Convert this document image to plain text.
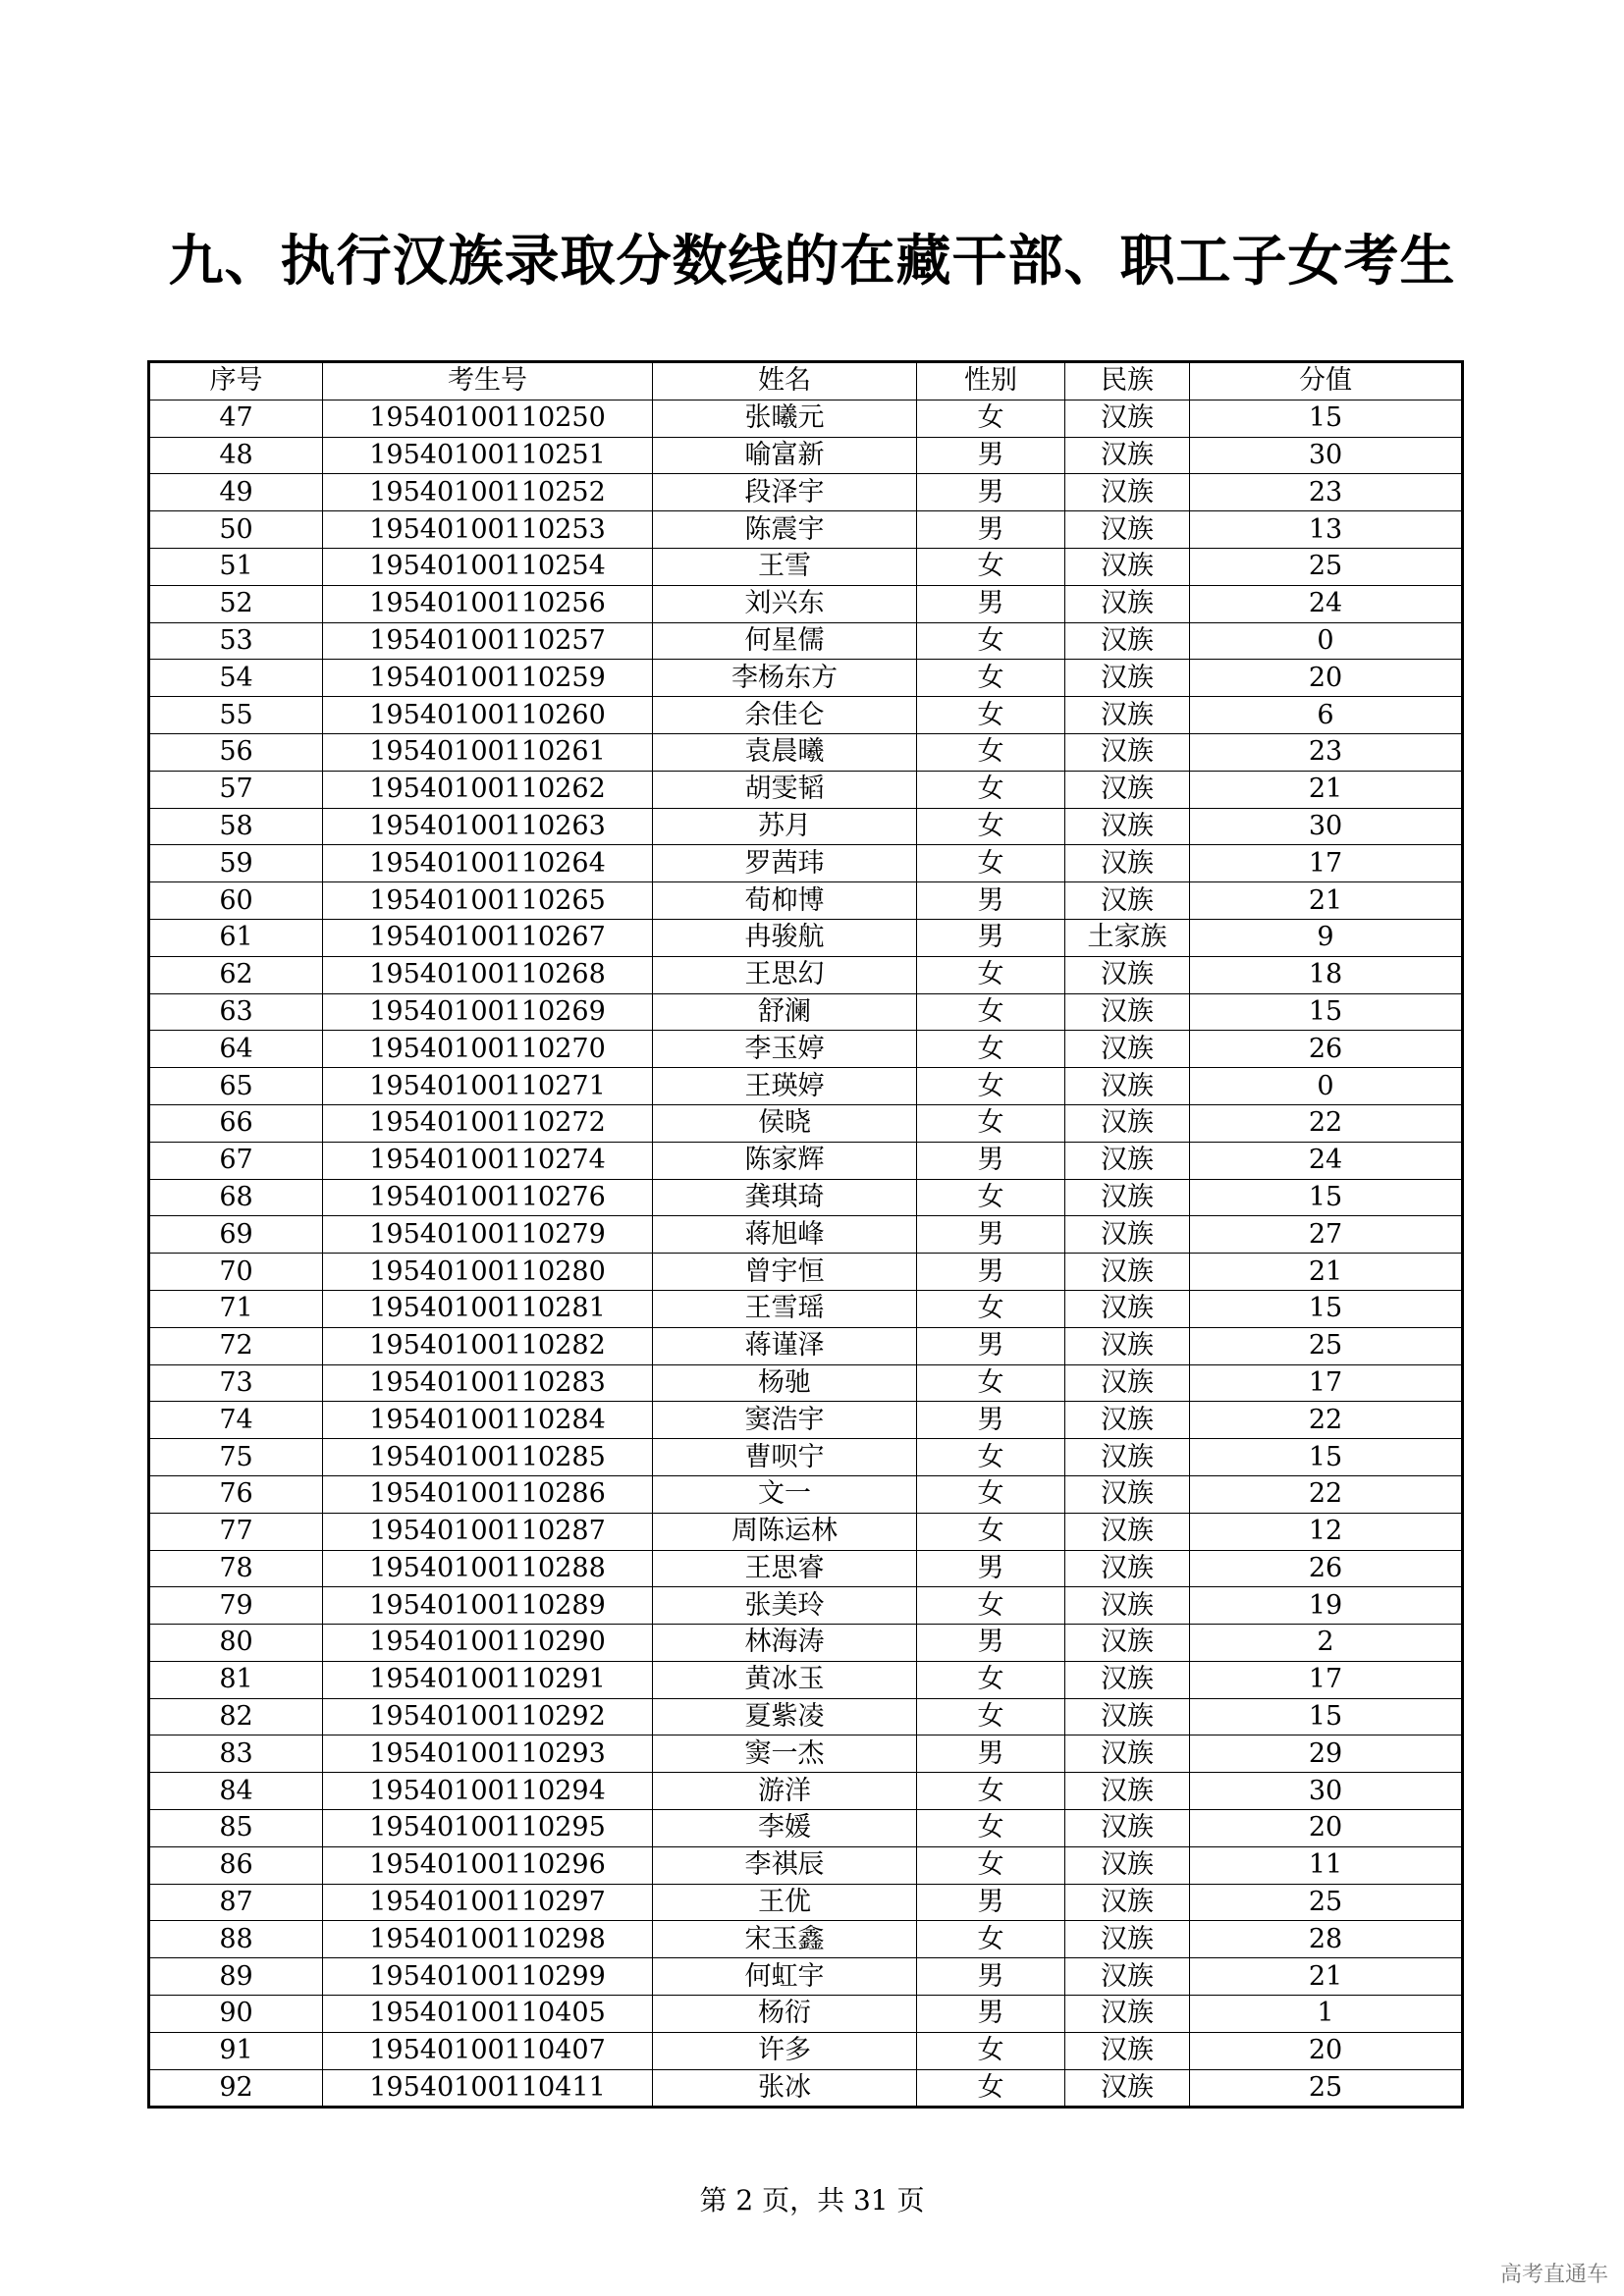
九、执行汉族录取分数线的在藏干部、职工子女考生
序号	考生号	姓名	性别	民族	分值
47	19540100110250	张曦元	女	汉族	15
48	19540100110251	喻富新	男	汉族	30
49	19540100110252	段泽宇	男	汉族	23
50	19540100110253	陈震宇	男	汉族	13
51	19540100110254	王雪	女	汉族	25
52	19540100110256	刘兴东	男	汉族	24
53	19540100110257	何星儒	女	汉族	0
54	19540100110259	李杨东方	女	汉族	20
55	19540100110260	余佳仑	女	汉族	6
56	19540100110261	袁晨曦	女	汉族	23
57	19540100110262	胡雯韬	女	汉族	21
58	19540100110263	苏月	女	汉族	30
59	19540100110264	罗茜玮	女	汉族	17
60	19540100110265	荀枊博	男	汉族	21
61	19540100110267	冉骏航	男	土家族	9
62	19540100110268	王思幻	女	汉族	18
63	19540100110269	舒澜	女	汉族	15
64	19540100110270	李玉婷	女	汉族	26
65	19540100110271	王瑛婷	女	汉族	0
66	19540100110272	侯晓	女	汉族	22
67	19540100110274	陈家辉	男	汉族	24
68	19540100110276	龚琪琦	女	汉族	15
69	19540100110279	蒋旭峰	男	汉族	27
70	19540100110280	曾宇恒	男	汉族	21
71	19540100110281	王雪瑶	女	汉族	15
72	19540100110282	蒋谨泽	男	汉族	25
73	19540100110283	杨驰	女	汉族	17
74	19540100110284	窦浩宇	男	汉族	22
75	19540100110285	曹呗宁	女	汉族	15
76	19540100110286	文一	女	汉族	22
77	19540100110287	周陈运林	女	汉族	12
78	19540100110288	王思睿	男	汉族	26
79	19540100110289	张美玲	女	汉族	19
80	19540100110290	林海涛	男	汉族	2
81	19540100110291	黄冰玉	女	汉族	17
82	19540100110292	夏紫凌	女	汉族	15
83	19540100110293	窦一杰	男	汉族	29
84	19540100110294	游洋	女	汉族	30
85	19540100110295	李媛	女	汉族	20
86	19540100110296	李祺辰	女	汉族	11
87	19540100110297	王优	男	汉族	25
88	19540100110298	宋玉鑫	女	汉族	28
89	19540100110299	何虹宇	男	汉族	21
90	19540100110405	杨衍	男	汉族	1
91	19540100110407	许多	女	汉族	20
92	19540100110411	张冰	女	汉族	25
第 2 页，共 31 页
高考直通车
